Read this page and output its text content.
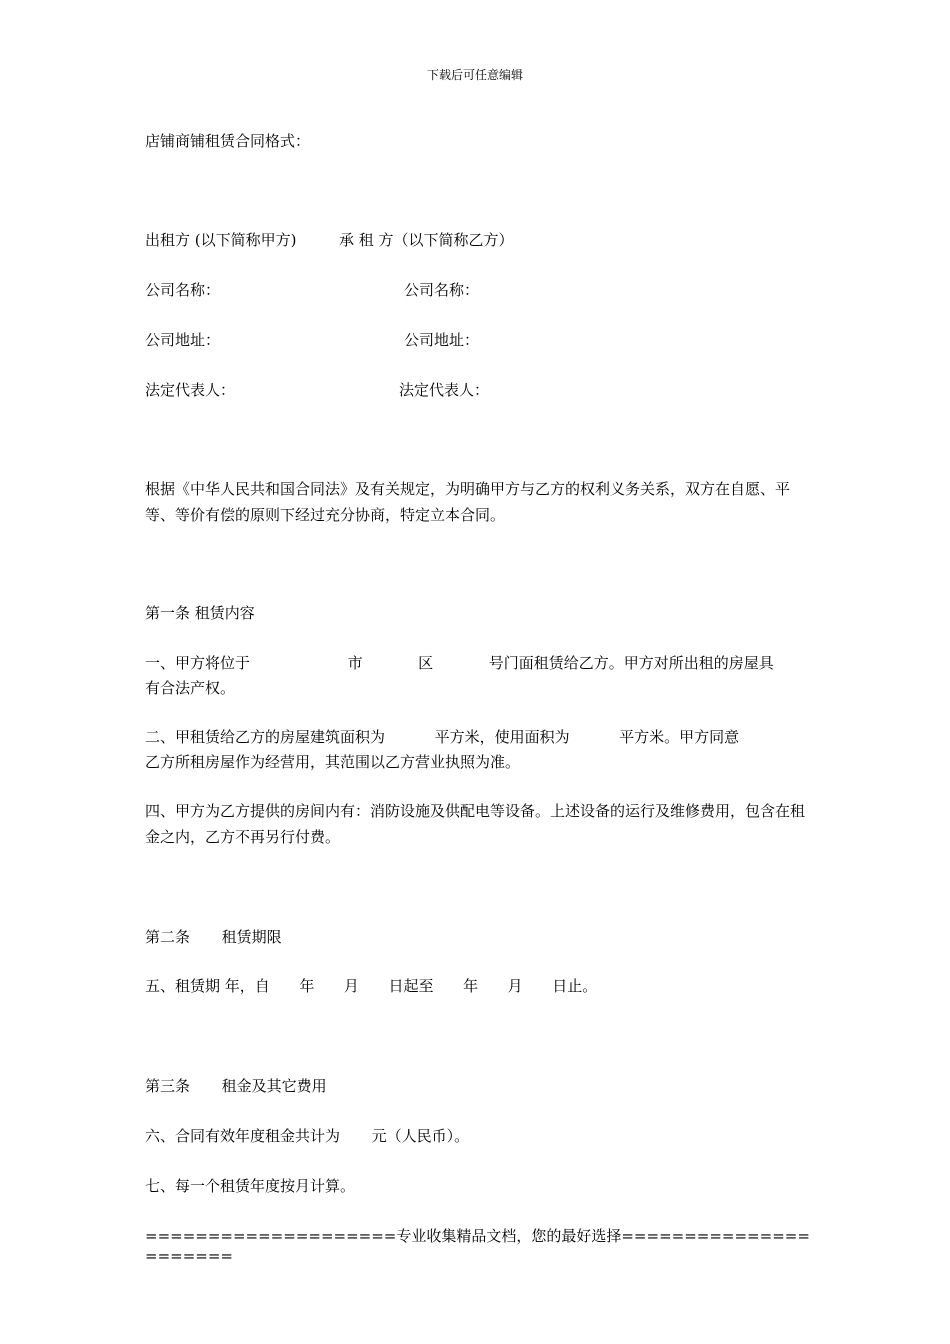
下载后可任意编辑
店铺商铺租赁合同格式：
出租方 (以下简称甲方)	承 租 方（以下简称乙方）
公司名称：	公司名称：
公司地址：	公司地址：
法定代表人：	法定代表人：
根据《中华人民共和国合同法》及有关规定，为明确甲方与乙方的权利义务关系，双方在自愿、平等、等价有偿的原则下经过充分协商，特定立本合同。
第一条 租赁内容
一、甲方将位于	市	区	号门面租赁给乙方。甲方对所出租的房屋具
有合法产权。
二、甲租赁给乙方的房屋建筑面积为	平方米，使用面积为	平方米。甲方同意
乙方所租房屋作为经营用，其范围以乙方营业执照为准。
四、甲方为乙方提供的房间内有：消防设施及供配电等设备。上述设备的运行及维修费用，包含在租金之内，乙方不再另行付费。
第二条 租赁期限
五、租赁期 年，自 年 月 日起至 年 月 日止。
第三条 租金及其它费用
六、合同有效年度租金共计为 元（人民币）。
七、每一个租赁年度按月计算。
====================专业收集精品文档，您的最好选择======================
